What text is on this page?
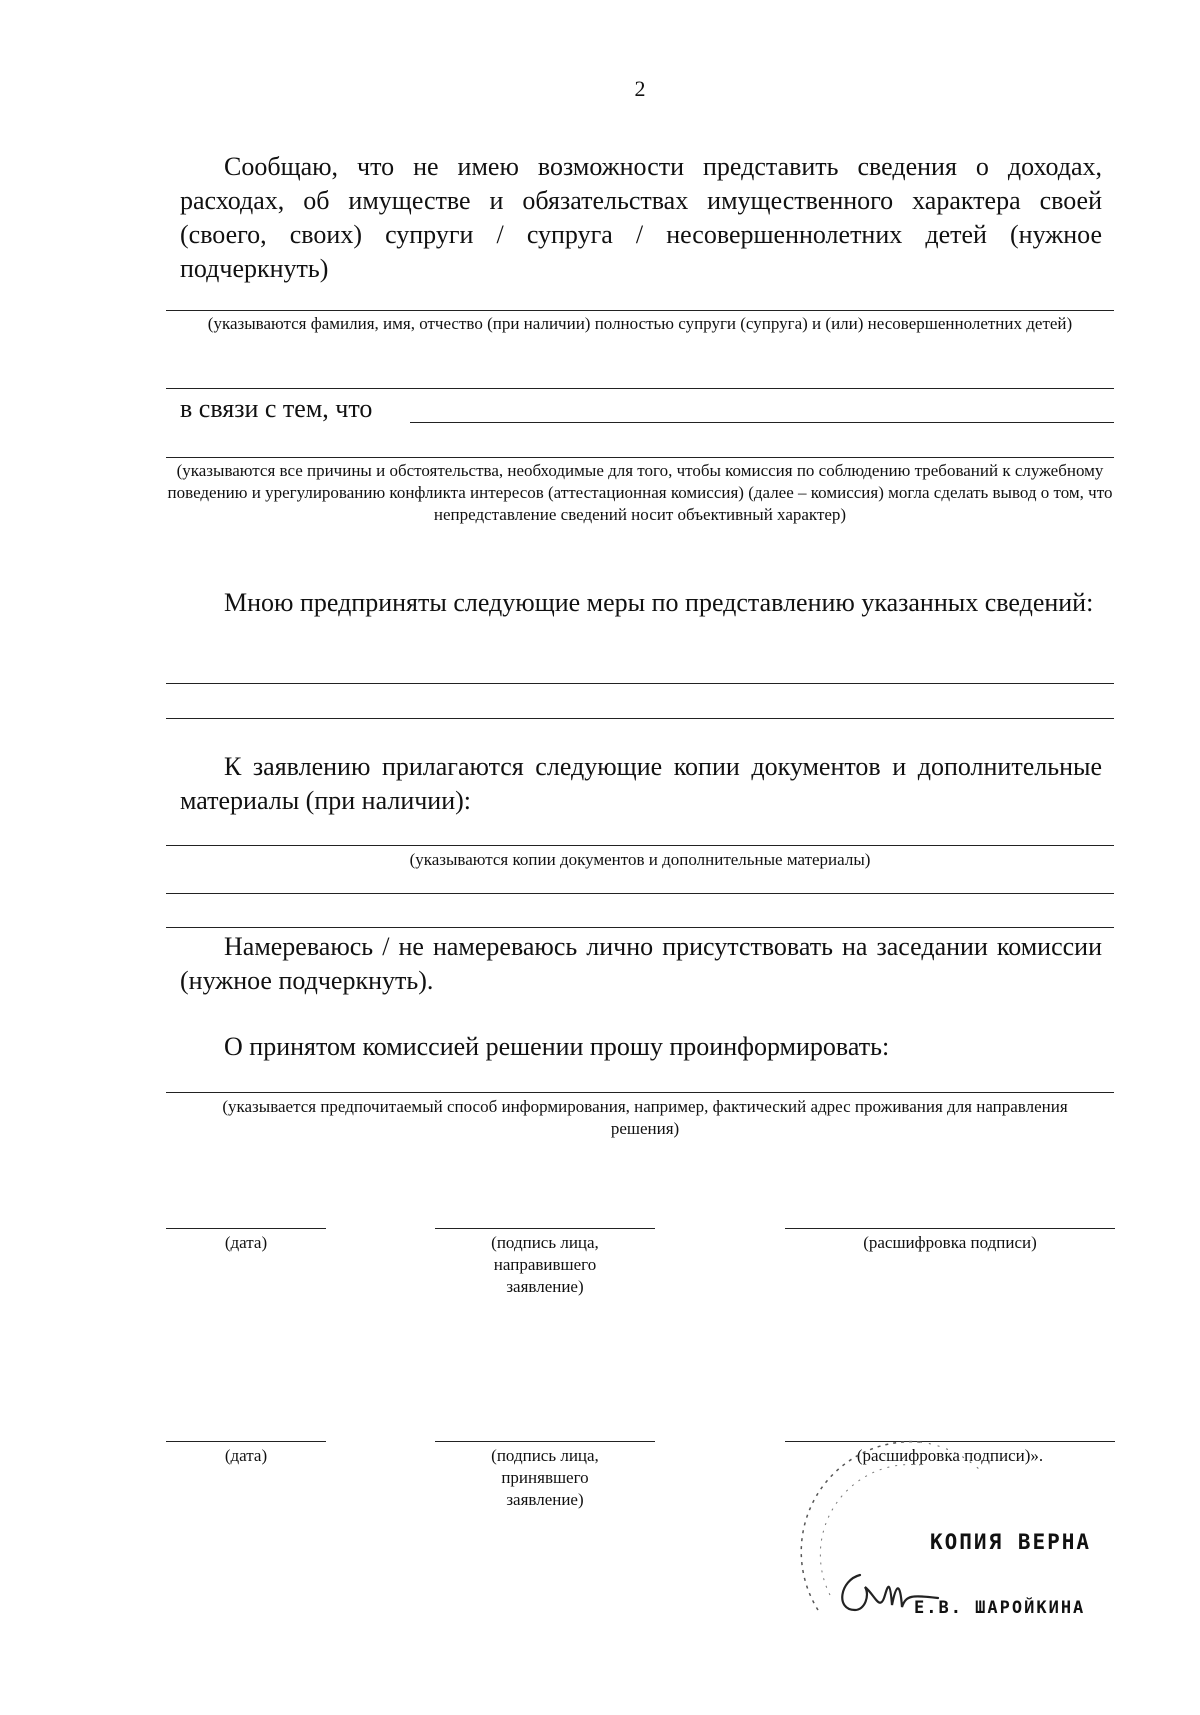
2
Сообщаю, что не имею возможности представить сведения о доходах, расходах, об имуществе и обязательствах имущественного характера своей (своего, своих) супруги / супруга / несовершеннолетних детей (нужное подчеркнуть)
(указываются фамилия, имя, отчество (при наличии) полностью супруги (супруга) и (или) несовершеннолетних детей)
в связи с тем, что
(указываются все причины и обстоятельства, необходимые для того, чтобы комиссия по соблюдению требований к служебному поведению и урегулированию конфликта интересов (аттестационная комиссия) (далее – комиссия) могла сделать вывод о том, что непредставление сведений носит объективный характер)
Мною предприняты следующие меры по представлению указанных сведений:
К заявлению прилагаются следующие копии документов и дополнительные материалы (при наличии):
(указываются копии документов и дополнительные материалы)
Намереваюсь / не намереваюсь лично присутствовать на заседании комиссии (нужное подчеркнуть).
О принятом комиссией решении прошу проинформировать:
(указывается предпочитаемый способ информирования, например, фактический адрес проживания для направления решения)
(дата)	(подпись лица, направившего заявление)
(расшифровка подписи)
(дата)	(подпись лица, принявшего заявление)
(расшифровка подписи)».
КОПИЯ ВЕРНА
Е.В. ШАРОЙКИНА
